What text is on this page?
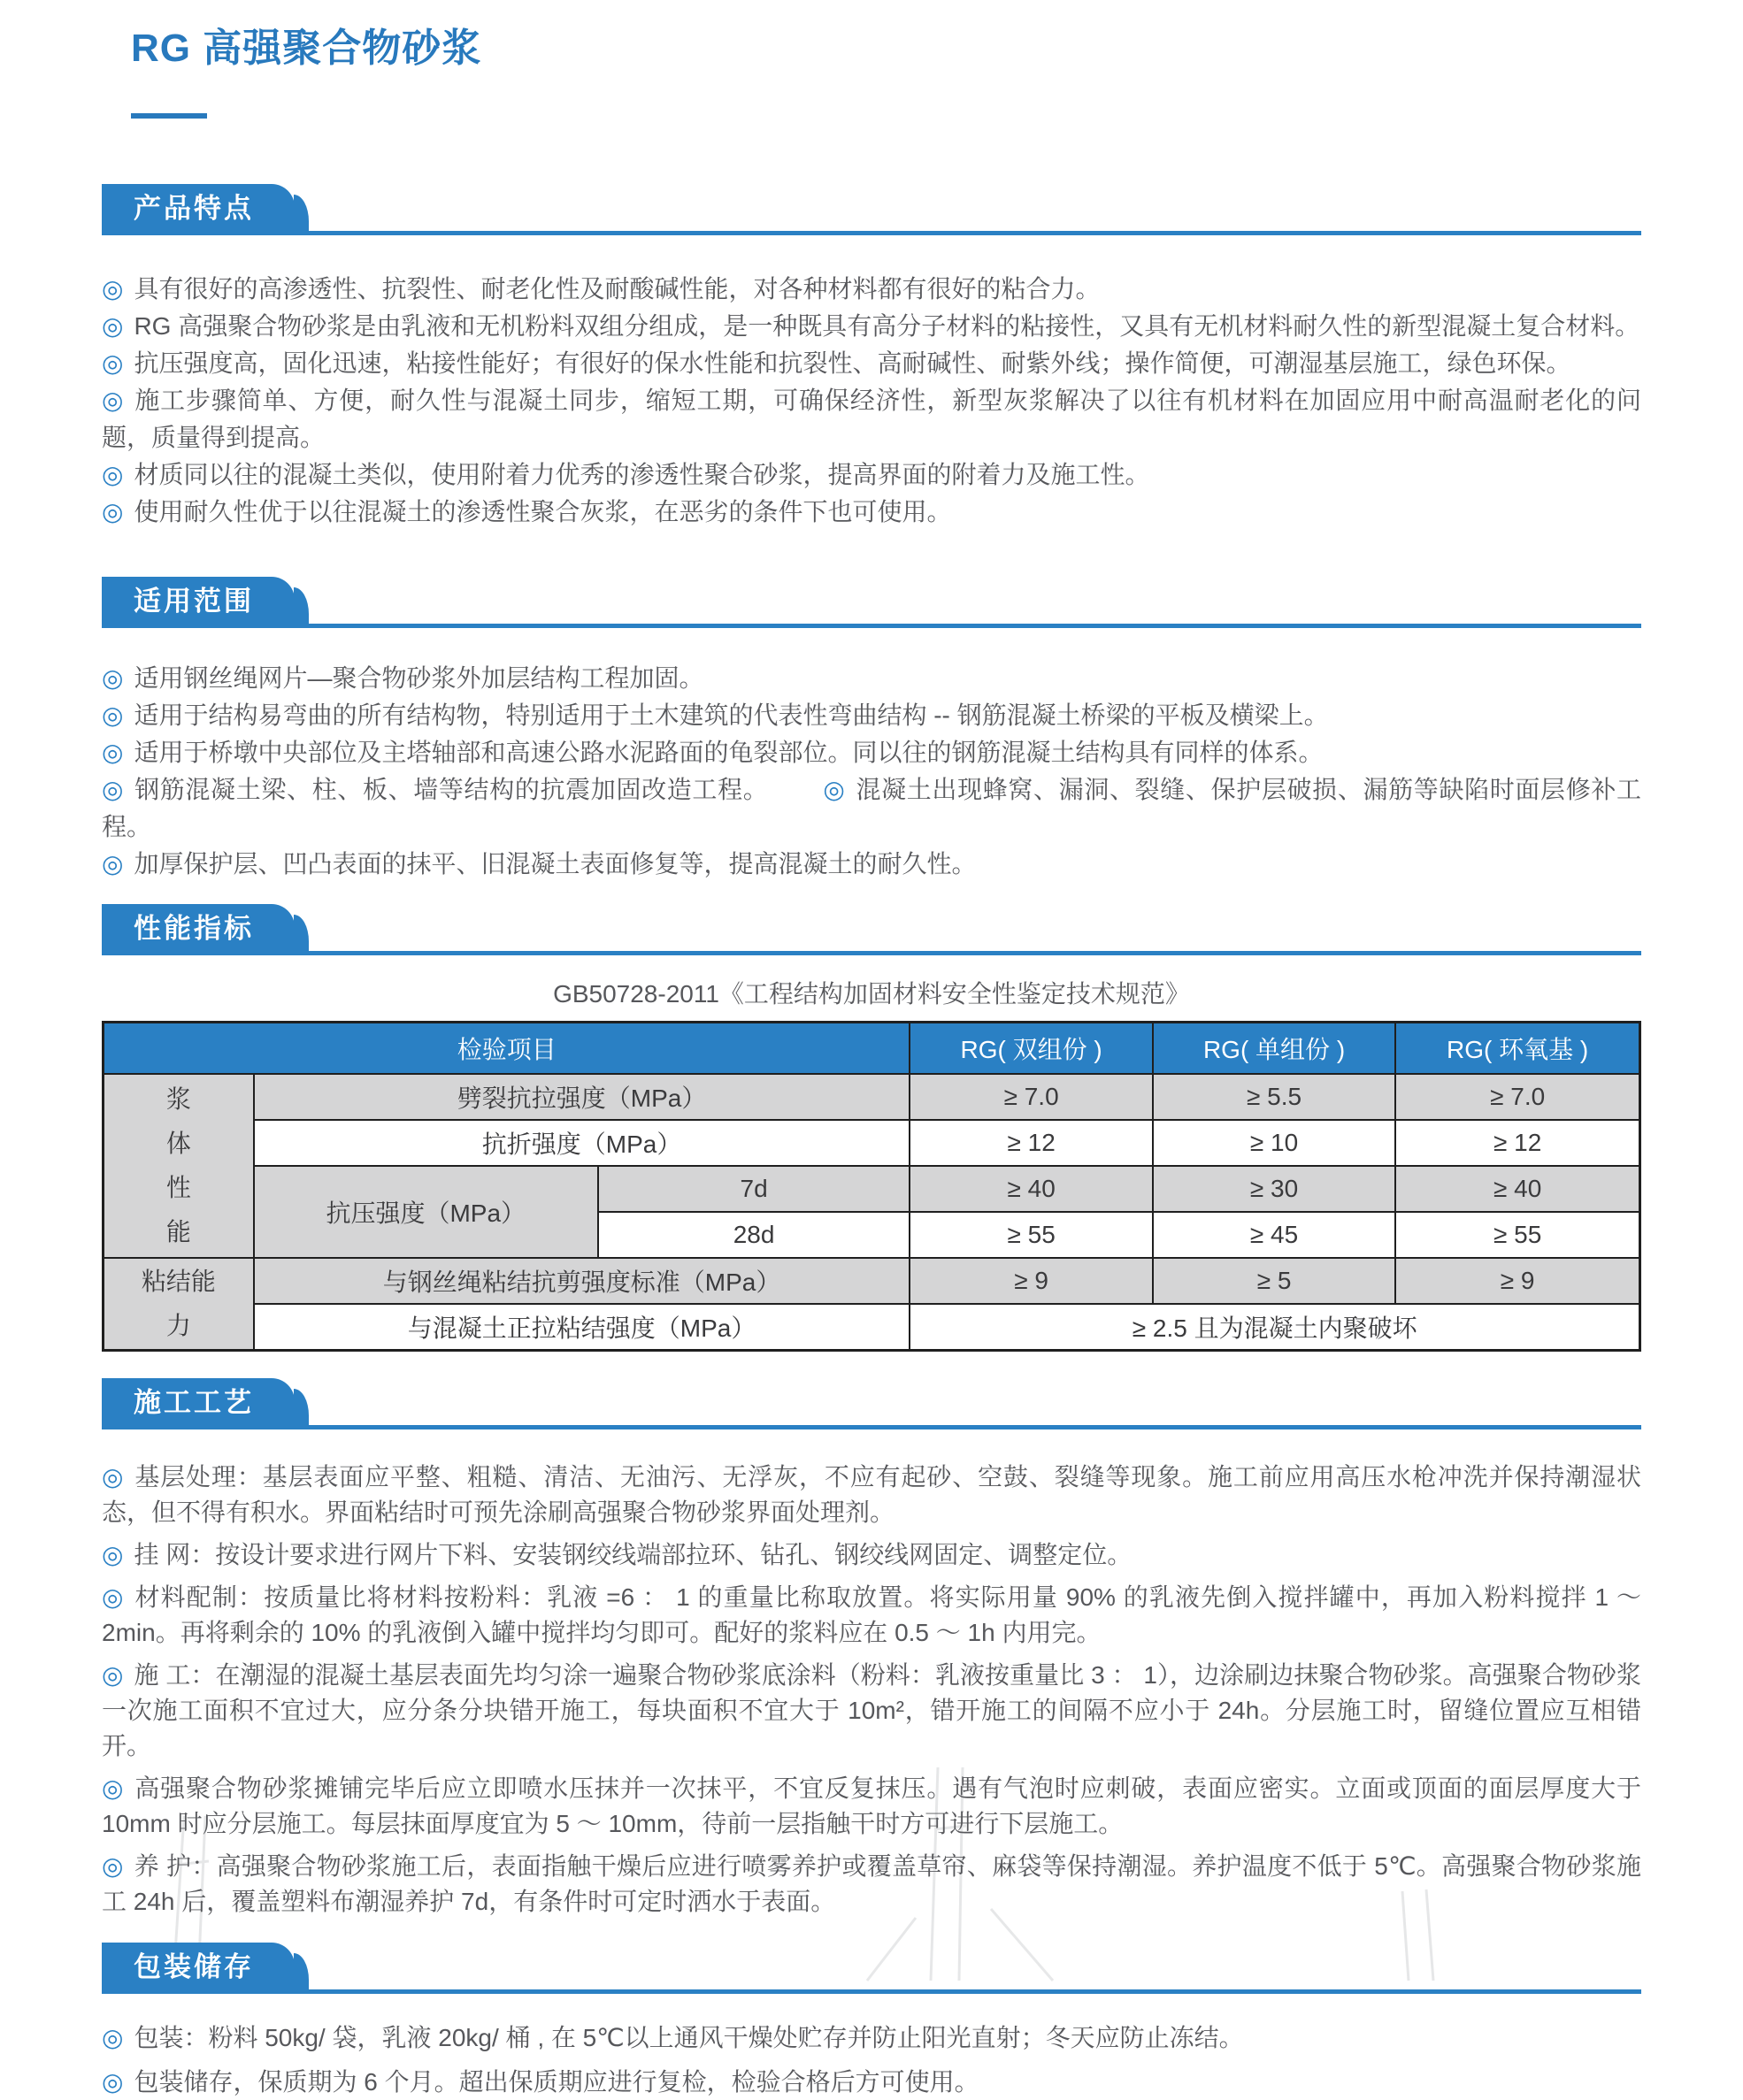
RG 高强聚合物砂浆
产品特点

◎ 具有很好的高渗透性、抗裂性、耐老化性及耐酸碱性能，对各种材料都有很好的粘合力。

◎ RG 高强聚合物砂浆是由乳液和无机粉料双组分组成，是一种既具有高分子材料的粘接性，又具有无机材料耐久性的新型混凝土复合材料。

◎ 抗压强度高，固化迅速，粘接性能好；有很好的保水性能和抗裂性、高耐碱性、耐紫外线；操作简便，可潮湿基层施工，绿色环保。

◎ 施工步骤简单、方便，耐久性与混凝土同步，缩短工期，可确保经济性，新型灰浆解决了以往有机材料在加固应用中耐高温耐老化的问题，质量得到提高。

◎ 材质同以往的混凝土类似，使用附着力优秀的渗透性聚合砂浆，提高界面的附着力及施工性。

◎ 使用耐久性优于以往混凝土的渗透性聚合灰浆，在恶劣的条件下也可使用。

适用范围

◎ 适用钢丝绳网片—聚合物砂浆外加层结构工程加固。

◎ 适用于结构易弯曲的所有结构物，特别适用于土木建筑的代表性弯曲结构 -- 钢筋混凝土桥梁的平板及横梁上。

◎ 适用于桥墩中央部位及主塔轴部和高速公路水泥路面的龟裂部位。同以往的钢筋混凝土结构具有同样的体系。

◎ 钢筋混凝土梁、柱、板、墙等结构的抗震加固改造工程。 ◎ 混凝土出现蜂窝、漏洞、裂缝、保护层破损、漏筋等缺陷时面层修补工程。

◎ 加厚保护层、凹凸表面的抹平、旧混凝土表面修复等，提高混凝土的耐久性。

性能指标

GB50728-2011《工程结构加固材料安全性鉴定技术规范》

检验项目			RG( 双组份 )	RG( 单组份 )	RG( 环氧基 )
浆体性能	劈裂抗拉强度（MPa）		≥ 7.0	≥ 5.5	≥ 7.0
	抗折强度（MPa）		≥ 12	≥ 10	≥ 12
	抗压强度（MPa）	7d	≥ 40	≥ 30	≥ 40
		28d	≥ 55	≥ 45	≥ 55
粘结能力	与钢丝绳粘结抗剪强度标准（MPa）		≥ 9	≥ 5	≥ 9
	与混凝土正拉粘结强度（MPa）		≥ 2.5 且为混凝土内聚破坏		
施工工艺

◎ 基层处理：基层表面应平整、粗糙、清洁、无油污、无浮灰，不应有起砂、空鼓、裂缝等现象。施工前应用高压水枪冲洗并保持潮湿状态，但不得有积水。界面粘结时可预先涂刷高强聚合物砂浆界面处理剂。

◎ 挂 网：按设计要求进行网片下料、安装钢绞线端部拉环、钻孔、钢绞线网固定、调整定位。

◎ 材料配制：按质量比将材料按粉料：乳液 =6 ： 1 的重量比称取放置。将实际用量 90% 的乳液先倒入搅拌罐中，再加入粉料搅拌 1 ～ 2min。再将剩余的 10% 的乳液倒入罐中搅拌均匀即可。配好的浆料应在 0.5 ～ 1h 内用完。

◎ 施 工：在潮湿的混凝土基层表面先均匀涂一遍聚合物砂浆底涂料（粉料：乳液按重量比 3 ： 1），边涂刷边抹聚合物砂浆。高强聚合物砂浆一次施工面积不宜过大，应分条分块错开施工，每块面积不宜大于 10m²，错开施工的间隔不应小于 24h。分层施工时，留缝位置应互相错开。

◎ 高强聚合物砂浆摊铺完毕后应立即喷水压抹并一次抹平，不宜反复抹压。遇有气泡时应刺破，表面应密实。立面或顶面的面层厚度大于 10mm 时应分层施工。每层抹面厚度宜为 5 ～ 10mm，待前一层指触干时方可进行下层施工。

◎ 养 护：高强聚合物砂浆施工后，表面指触干燥后应进行喷雾养护或覆盖草帘、麻袋等保持潮湿。养护温度不低于 5℃。高强聚合物砂浆施工 24h 后，覆盖塑料布潮湿养护 7d，有条件时可定时洒水于表面。

包装储存

◎ 包装：粉料 50kg/ 袋，乳液 20kg/ 桶 , 在 5℃以上通风干燥处贮存并防止阳光直射；冬天应防止冻结。

◎ 包装储存，保质期为 6 个月。超出保质期应进行复检，检验合格后方可使用。
